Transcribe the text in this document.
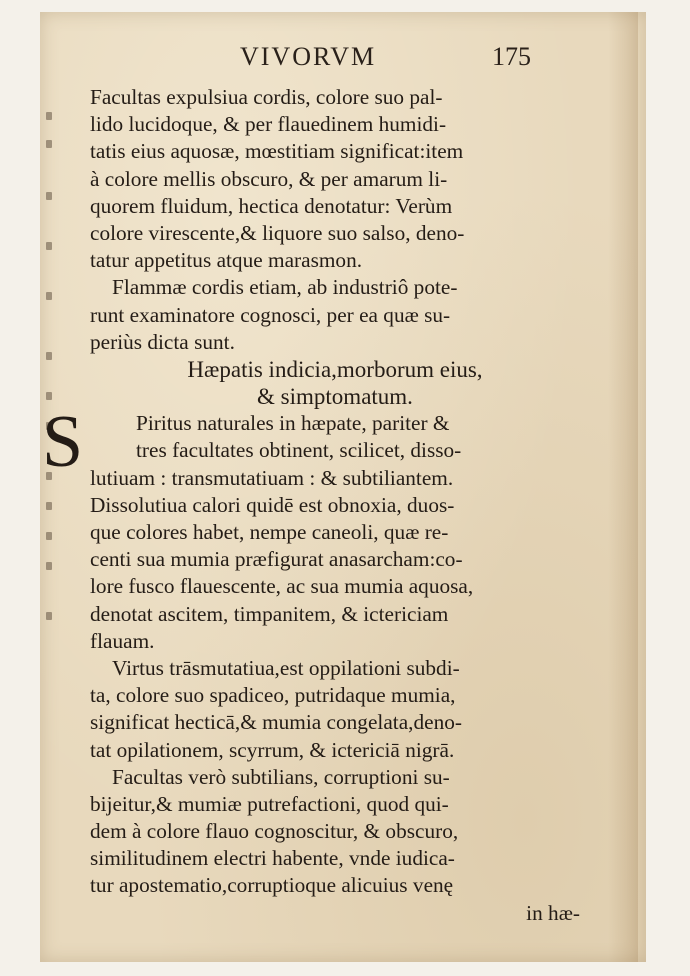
VIVORVM	175
S
Facultas expulsiua cordis, colore suo pal-
lido lucidoque, & per flauedinem humidi-
tatis eius aquosæ, mœstitiam significat:item
à colore mellis obscuro, & per amarum li-
quorem fluidum, hectica denotatur: Verùm
colore virescente,& liquore suo salso, deno-
tatur appetitus atque marasmon.
Flammæ cordis etiam, ab industriô pote-
runt examinatore cognosci, per ea quæ su-
periùs dicta sunt.
Hæpatis indicia,morborum eius,
& simptomatum.
Piritus naturales in hæpate, pariter &
tres facultates obtinent, scilicet, disso-
lutiuam : transmutatiuam : & subtiliantem.
Dissolutiua calori quidē est obnoxia, duos-
que colores habet, nempe caneoli, quæ re-
centi sua mumia præfigurat anasarcham:co-
lore fusco flauescente, ac sua mumia aquosa,
denotat ascitem, timpanitem, & ictericiam
flauam.
Virtus trāsmutatiua,est oppilationi subdi-
ta, colore suo spadiceo, putridaque mumia,
significat hecticā,& mumia congelata,deno-
tat opilationem, scyrrum, & ictericiā nigrā.
Facultas verò subtilians, corruptioni su-
bijeitur,& mumiæ putrefactioni, quod qui-
dem à colore flauo cognoscitur, & obscuro,
similitudinem electri habente, vnde iudica-
tur apostematio,corruptioque alicuius venę
in hæ-
